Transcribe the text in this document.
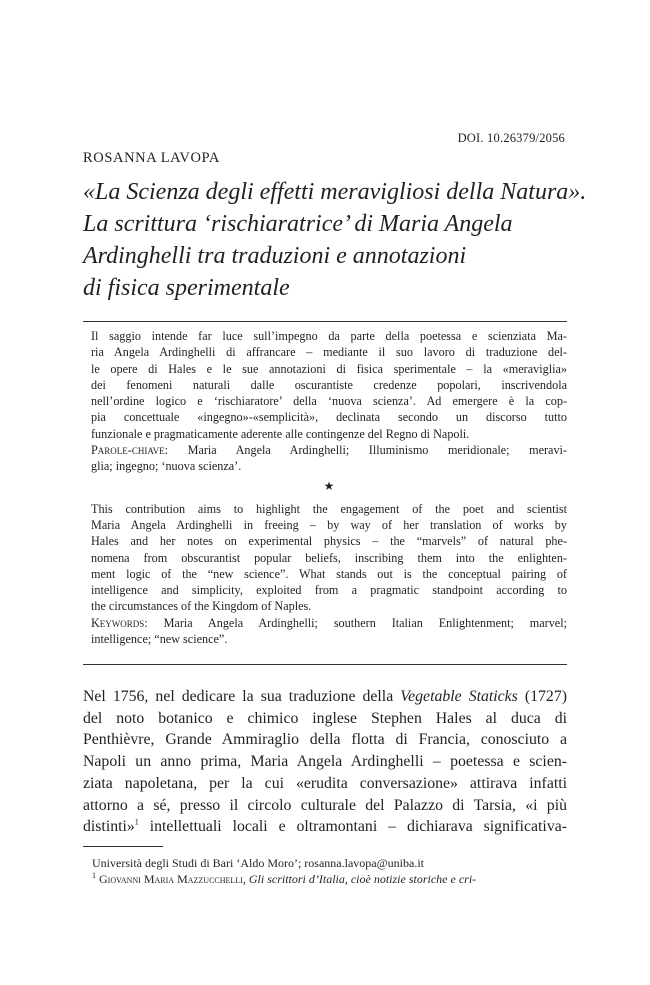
DOI. 10.26379/2056
ROSANNA LAVOPA
«La Scienza degli effetti meravigliosi della Natura».
La scrittura ‘rischiaratrice’ di Maria Angela
Ardinghelli tra traduzioni e annotazioni
di fisica sperimentale
Il saggio intende far luce sull’impegno da parte della poetessa e scienziata Ma-
ria Angela Ardinghelli di affrancare – mediante il suo lavoro di traduzione del-
le opere di Hales e le sue annotazioni di fisica sperimentale – la «meraviglia»
dei fenomeni naturali dalle oscurantiste credenze popolari, inscrivendola
nell’ordine logico e ‘rischiaratore’ della ‘nuova scienza’. Ad emergere è la cop-
pia concettuale «ingegno»-«semplicità», declinata secondo un discorso tutto
funzionale e pragmaticamente aderente alle contingenze del Regno di Napoli.
Parole-chiave: Maria Angela Ardinghelli; Illuminismo meridionale; meravi-
glia; ingegno; ‘nuova scienza’.
★
This contribution aims to highlight the engagement of the poet and scientist
Maria Angela Ardinghelli in freeing – by way of her translation of works by
Hales and her notes on experimental physics – the “marvels” of natural phe-
nomena from obscurantist popular beliefs, inscribing them into the enlighten-
ment logic of the “new science”. What stands out is the conceptual pairing of
intelligence and simplicity, exploited from a pragmatic standpoint according to
the circumstances of the Kingdom of Naples.
Keywords: Maria Angela Ardinghelli; southern Italian Enlightenment; marvel;
intelligence; “new science”.
Nel 1756, nel dedicare la sua traduzione della Vegetable Staticks (1727)
del noto botanico e chimico inglese Stephen Hales al duca di
Penthièvre, Grande Ammiraglio della flotta di Francia, conosciuto a
Napoli un anno prima, Maria Angela Ardinghelli – poetessa e scien-
ziata napoletana, per la cui «erudita conversazione» attirava infatti
attorno a sé, presso il circolo culturale del Palazzo di Tarsia, «i più
distinti»$^1$ intellettuali locali e oltramontani – dichiarava significativa-
Università degli Studi di Bari ‘Aldo Moro’; rosanna.lavopa@uniba.it
$^1$ Giovanni Maria Mazzucchelli, Gli scrittori d’Italia, cioè notizie storiche e cri-
